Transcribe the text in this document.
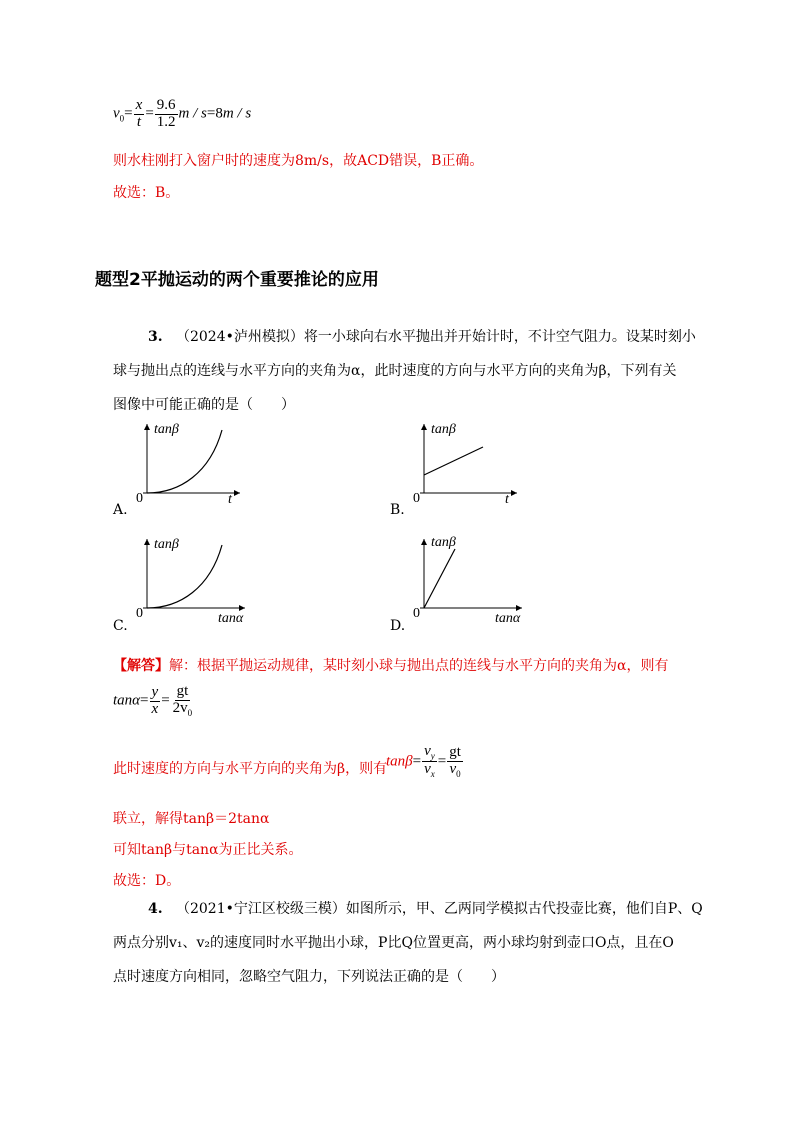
$v_0= \frac{x}{t} = \frac{9.6}{1.2}$ m / s=8m / s
则水柱刚打入窗户时的速度为8m/s，故ACD错误，B正确。
故选：B。
题型2平抛运动的两个重要推论的应用
3. （2024•泸州模拟）将一小球向右水平抛出并开始计时，不计空气阻力。设某时刻小
球与抛出点的连线与水平方向的夹角为α，此时速度的方向与水平方向的夹角为β，下列有关
图像中可能正确的是（　　）
tanβ
0	t
A.
tanβ
0	t
B.
tanβ
0	tanα
C.
tanβ
0	tanα
D.
【解答】解：根据平抛运动规律，某时刻小球与抛出点的连线与水平方向的夹角为α，则有
$\tan\alpha= \frac{y}{x} = \frac{gt}{2v_0}$
此时速度的方向与水平方向的夹角为β，则有
$\tan\beta= \frac{v_y}{v_x} = \frac{gt}{v_0}$
联立，解得tanβ＝2tanα
可知tanβ与tanα为正比关系。
故选：D。
4. （2021•宁江区校级三模）如图所示，甲、乙两同学模拟古代投壶比赛，他们自P、Q
两点分别v₁、v₂的速度同时水平抛出小球，P比Q位置更高，两小球均射到壶口O点，且在O
点时速度方向相同，忽略空气阻力，下列说法正确的是（　　）
